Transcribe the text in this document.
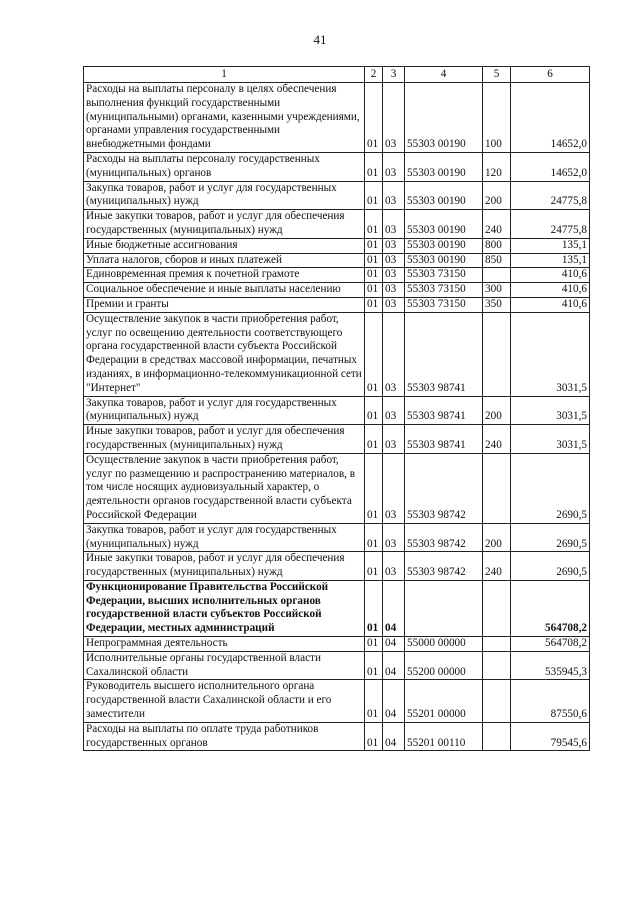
41
1	2	3	4	5	6
Расходы на выплаты персоналу в целях обеспечения выполнения функций государственными (муниципальными) органами, казенными учреждениями, органами управления государственными внебюджетными фондами	01	03	55303 00190	100	14652,0
Расходы на выплаты персоналу государственных (муниципальных) органов	01	03	55303 00190	120	14652,0
Закупка товаров, работ и услуг для государственных (муниципальных) нужд	01	03	55303 00190	200	24775,8
Иные закупки товаров, работ и услуг для обеспечения государственных (муниципальных) нужд	01	03	55303 00190	240	24775,8
Иные бюджетные ассигнования	01	03	55303 00190	800	135,1
Уплата налогов, сборов и иных платежей	01	03	55303 00190	850	135,1
Единовременная премия к почетной грамоте	01	03	55303 73150		410,6
Социальное обеспечение и иные выплаты населению	01	03	55303 73150	300	410,6
Премии и гранты	01	03	55303 73150	350	410,6
Осуществление закупок в части приобретения работ, услуг по освещению деятельности соответствующего органа государственной власти субъекта Российской Федерации в средствах массовой информации, печатных изданиях, в информационно-телекоммуникационной сети "Интернет"	01	03	55303 98741		3031,5
Закупка товаров, работ и услуг для государственных (муниципальных) нужд	01	03	55303 98741	200	3031,5
Иные закупки товаров, работ и услуг для обеспечения государственных (муниципальных) нужд	01	03	55303 98741	240	3031,5
Осуществление закупок в части приобретения работ, услуг по размещению и распространению материалов, в том числе носящих аудиовизуальный характер, о деятельности органов государственной власти субъекта Российской Федерации	01	03	55303 98742		2690,5
Закупка товаров, работ и услуг для государственных (муниципальных) нужд	01	03	55303 98742	200	2690,5
Иные закупки товаров, работ и услуг для обеспечения государственных (муниципальных) нужд	01	03	55303 98742	240	2690,5
Функционирование Правительства Российской Федерации, высших исполнительных органов государственной власти субъектов Российской Федерации, местных администраций	01	04			564708,2
Непрограммная деятельность	01	04	55000 00000		564708,2
Исполнительные органы государственной власти Сахалинской области	01	04	55200 00000		535945,3
Руководитель высшего исполнительного органа государственной власти Сахалинской области и его заместители	01	04	55201 00000		87550,6
Расходы на выплаты по оплате труда работников государственных органов	01	04	55201 00110		79545,6
